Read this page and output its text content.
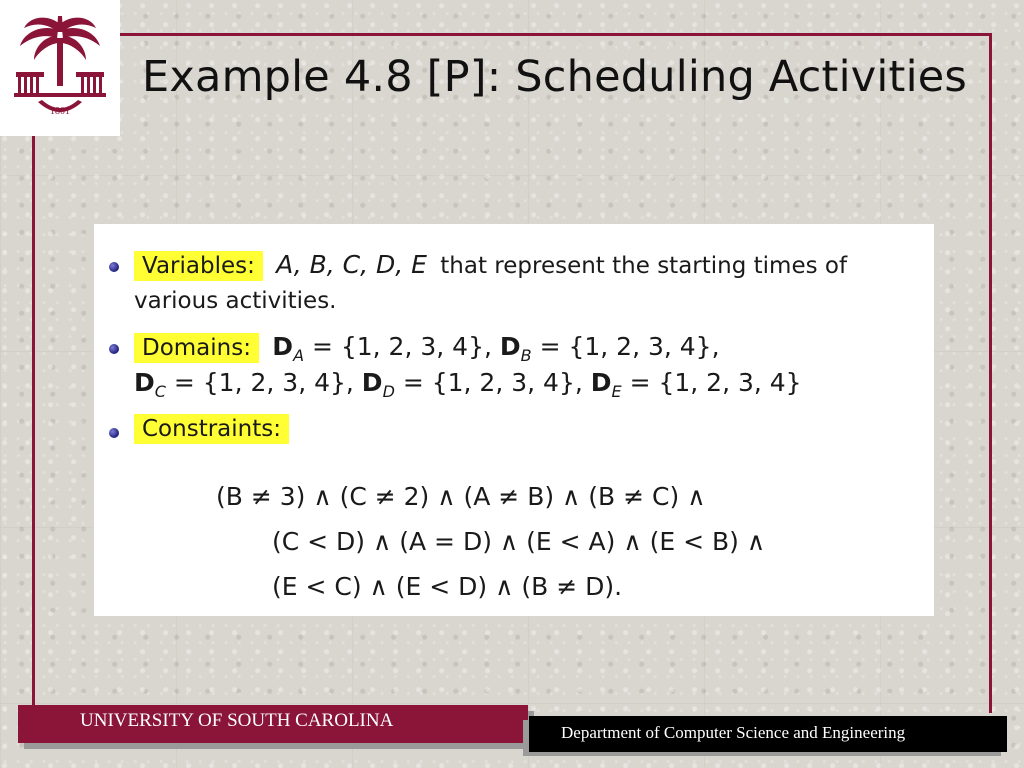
1801
Example 4.8 [P]: Scheduling Activities
Variables: A, B, C, D, E that represent the starting times of
various activities.
Domains: $D_A = \{1$, 2, 3, 4}, $D_B = \{1$, 2, 3, 4},
$D_C = \{1$, 2, 3, 4}, $D_D = \{1$, 2, 3, 4}, $D_E = \{1$, 2, 3, 4}
Constraints:
(B ≠ 3) ∧ (C ≠ 2) ∧ (A ≠ B) ∧ (B ≠ C) ∧
(C < D) ∧ (A = D) ∧ (E < A) ∧ (E < B) ∧
(E < C) ∧ (E < D) ∧ (B ≠ D).
UNIVERSITY OF SOUTH CAROLINA
Department of Computer Science and Engineering
